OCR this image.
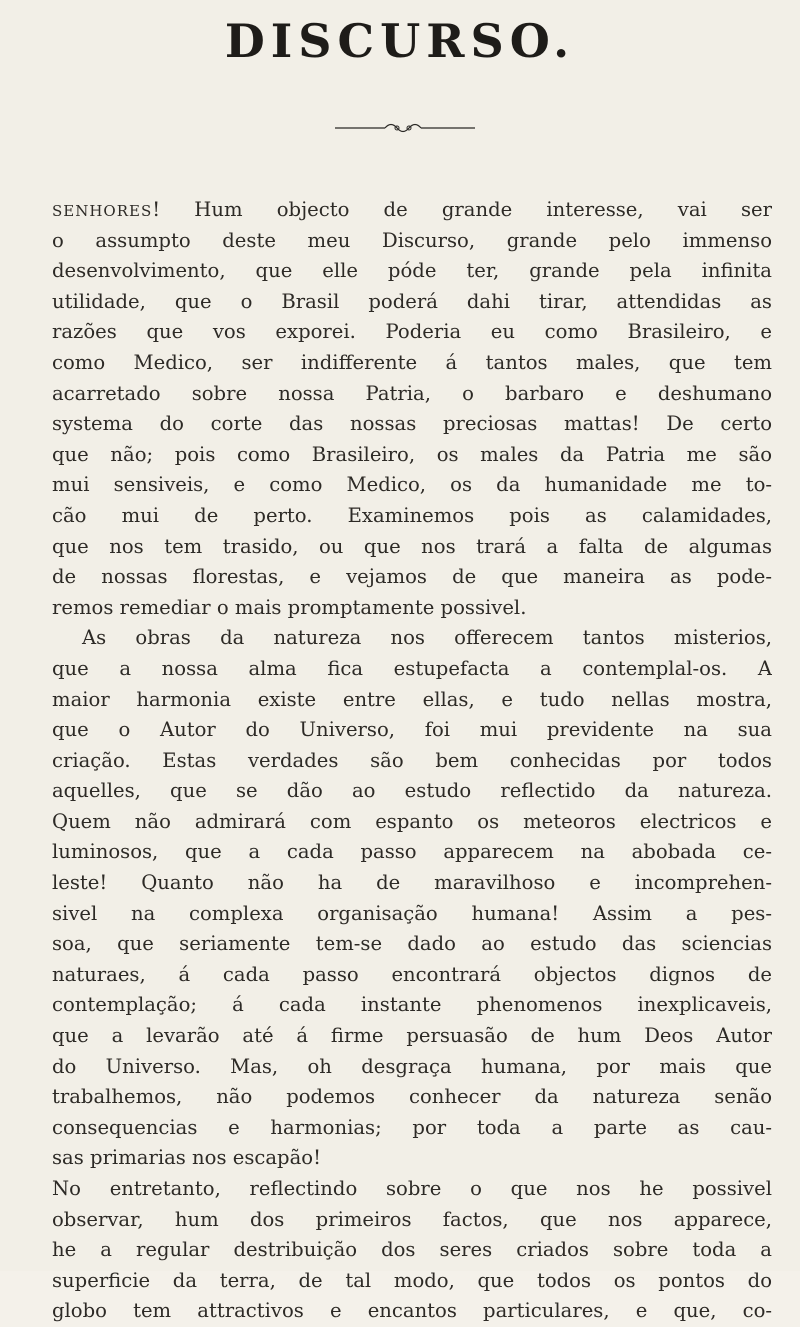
DISCURSO.
SENHORES! Hum objecto de grande interesse, vai ser
o assumpto deste meu Discurso, grande pelo immenso
desenvolvimento, que elle póde ter, grande pela infinita
utilidade, que o Brasil poderá dahi tirar, attendidas as
razões que vos exporei. Poderia eu como Brasileiro, e
como Medico, ser indifferente á tantos males, que tem
acarretado sobre nossa Patria, o barbaro e deshumano
systema do corte das nossas preciosas mattas! De certo
que não; pois como Brasileiro, os males da Patria me são
mui sensiveis, e como Medico, os da humanidade me to-
cão mui de perto. Examinemos pois as calamidades,
que nos tem trasido, ou que nos trará a falta de algumas
de nossas florestas, e vejamos de que maneira as pode-
remos remediar o mais promptamente possivel.
As obras da natureza nos offerecem tantos misterios,
que a nossa alma fica estupefacta a contemplal-os. A
maior harmonia existe entre ellas, e tudo nellas mostra,
que o Autor do Universo, foi mui previdente na sua
criação. Estas verdades são bem conhecidas por todos
aquelles, que se dão ao estudo reflectido da natureza.
Quem não admirará com espanto os meteoros electricos e
luminosos, que a cada passo apparecem na abobada ce-
leste! Quanto não ha de maravilhoso e incomprehen-
sivel na complexa organisação humana! Assim a pes-
soa, que seriamente tem-se dado ao estudo das sciencias
naturaes, á cada passo encontrará objectos dignos de
contemplação; á cada instante phenomenos inexplicaveis,
que a levarão até á firme persuasão de hum Deos Autor
do Universo. Mas, oh desgraça humana, por mais que
trabalhemos, não podemos conhecer da natureza senão
consequencias e harmonias; por toda a parte as cau-
sas primarias nos escapão!
No entretanto, reflectindo sobre o que nos he possivel
observar, hum dos primeiros factos, que nos apparece,
he a regular destribuição dos seres criados sobre toda a
superficie da terra, de tal modo, que todos os pontos do
globo tem attractivos e encantos particulares, e que, co-
